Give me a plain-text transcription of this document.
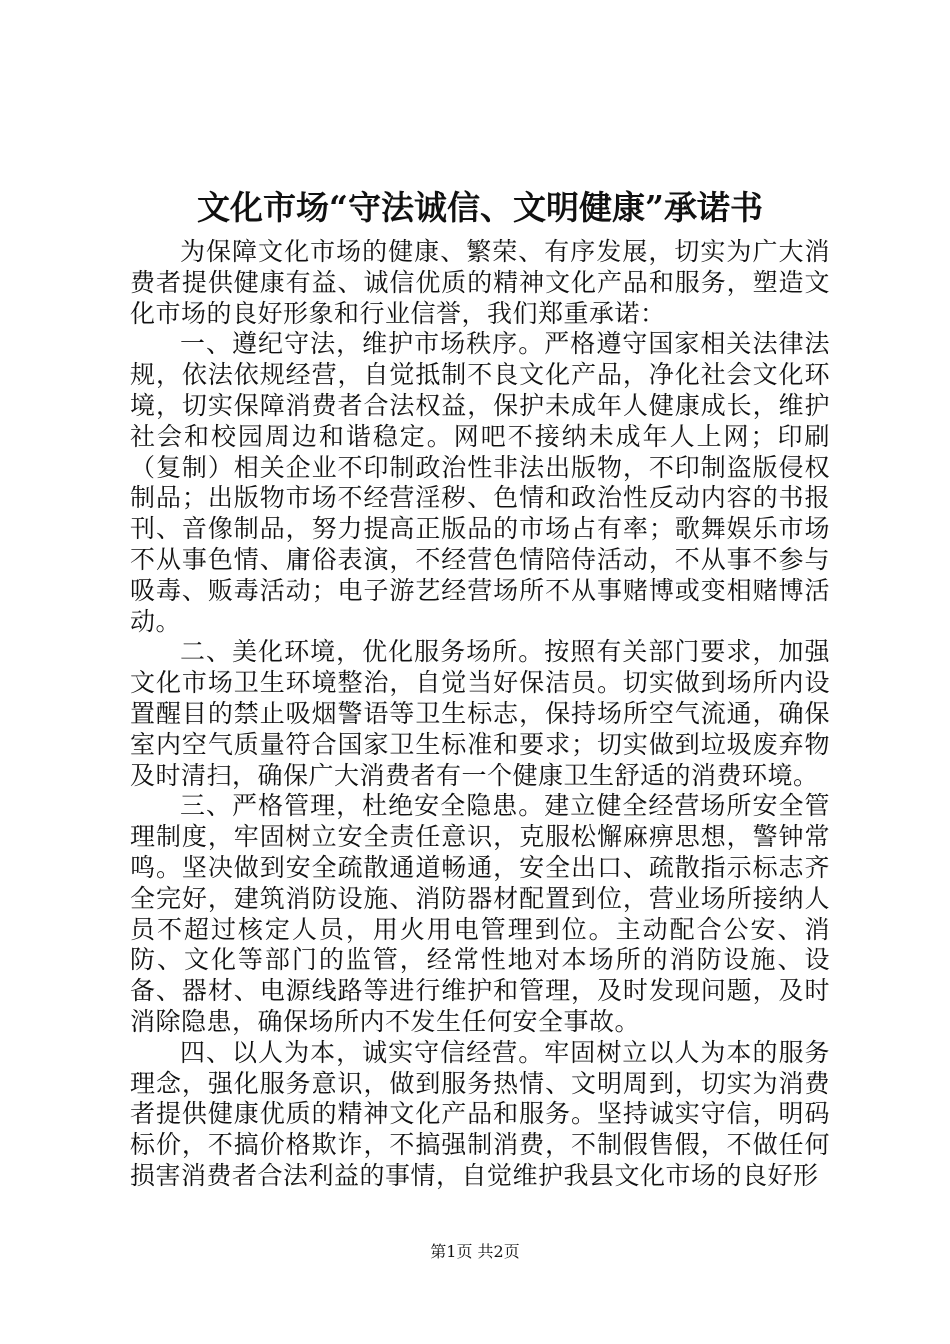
文化市场“守法诚信、文明健康”承诺书

为保障文化市场的健康、繁荣、有序发展，切实为广大消费者提供健康有益、诚信优质的精神文化产品和服务，塑造文化市场的良好形象和行业信誉，我们郑重承诺：

一、遵纪守法，维护市场秩序。严格遵守国家相关法律法规，依法依规经营，自觉抵制不良文化产品，净化社会文化环境，切实保障消费者合法权益，保护未成年人健康成长，维护社会和校园周边和谐稳定。网吧不接纳未成年人上网；印刷（复制）相关企业不印制政治性非法出版物，不印制盗版侵权制品；出版物市场不经营淫秽、色情和政治性反动内容的书报刊、音像制品，努力提高正版品的市场占有率；歌舞娱乐市场不从事色情、庸俗表演，不经营色情陪侍活动，不从事不参与吸毒、贩毒活动；电子游艺经营场所不从事赌博或变相赌博活动。

二、美化环境，优化服务场所。按照有关部门要求，加强文化市场卫生环境整治，自觉当好保洁员。切实做到场所内设置醒目的禁止吸烟警语等卫生标志，保持场所空气流通，确保室内空气质量符合国家卫生标准和要求；切实做到垃圾废弃物及时清扫，确保广大消费者有一个健康卫生舒适的消费环境。

三、严格管理，杜绝安全隐患。建立健全经营场所安全管理制度，牢固树立安全责任意识，克服松懈麻痹思想，警钟常鸣。坚决做到安全疏散通道畅通，安全出口、疏散指示标志齐全完好，建筑消防设施、消防器材配置到位，营业场所接纳人员不超过核定人员，用火用电管理到位。主动配合公安、消防、文化等部门的监管，经常性地对本场所的消防设施、设备、器材、电源线路等进行维护和管理，及时发现问题，及时消除隐患，确保场所内不发生任何安全事故。

四、以人为本，诚实守信经营。牢固树立以人为本的服务理念，强化服务意识，做到服务热情、文明周到，切实为消费者提供健康优质的精神文化产品和服务。坚持诚实守信，明码标价，不搞价格欺诈，不搞强制消费，不制假售假，不做任何损害消费者合法利益的事情，自觉维护我县文化市场的良好形

第1页 共2页
